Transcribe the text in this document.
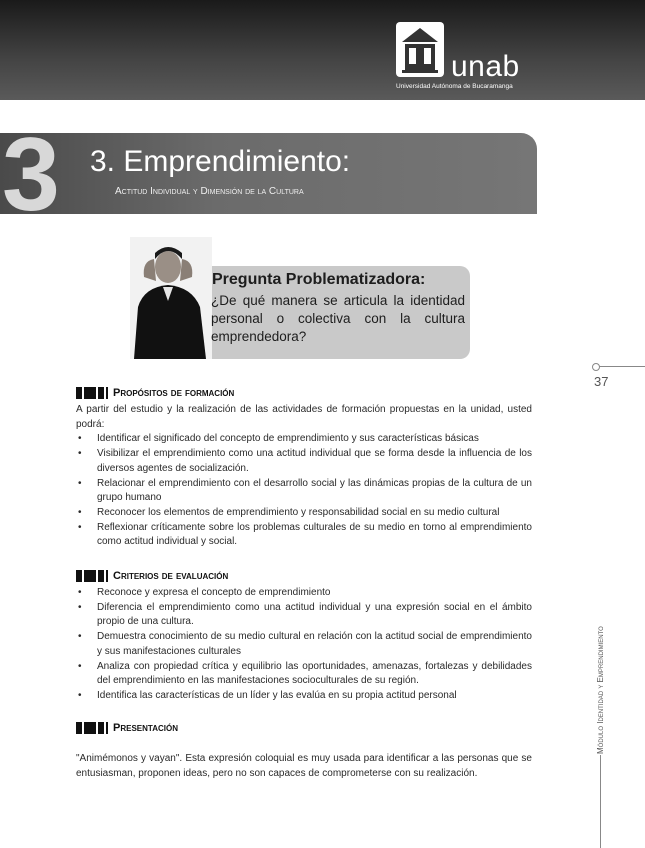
unab
Universidad Autónoma de Bucaramanga
3 3. Emprendimiento:
Actitud Individual y Dimensión de la Cultura
Pregunta Problematizadora:
¿De qué manera se articula la identidad personal o colectiva con la cultura emprendedora?
37
Módulo Identidad y Emprendimiento
Propósitos de formación
A partir del estudio y la realización de las actividades de formación propuestas en la unidad, usted podrá:
• Identificar el significado del concepto de emprendimiento y sus características básicas
• Visibilizar el emprendimiento como una actitud individual que se forma desde la influencia de los diversos agentes de socialización.
• Relacionar el emprendimiento con el desarrollo social y las dinámicas propias de la cultura de un grupo humano
• Reconocer los elementos de emprendimiento y responsabilidad social en su medio cultural
• Reflexionar críticamente sobre los problemas culturales de su medio en torno al emprendimiento como actitud individual y social.
Criterios de evaluación
• Reconoce y expresa el concepto de emprendimiento
• Diferencia el emprendimiento como una actitud individual y una expresión social en el ámbito propio de una cultura.
• Demuestra conocimiento de su medio cultural en relación con la actitud social de emprendimiento y sus manifestaciones culturales
• Analiza con propiedad crítica y equilibrio las oportunidades, amenazas, fortalezas y debilidades del emprendimiento en las manifestaciones socioculturales de su región.
• Identifica las características de un líder y las evalúa en su propia actitud personal
Presentación
"Animémonos y vayan". Esta expresión coloquial es muy usada para identificar a las personas que se entusiasman, proponen ideas, pero no son capaces de comprometerse con su realización.
